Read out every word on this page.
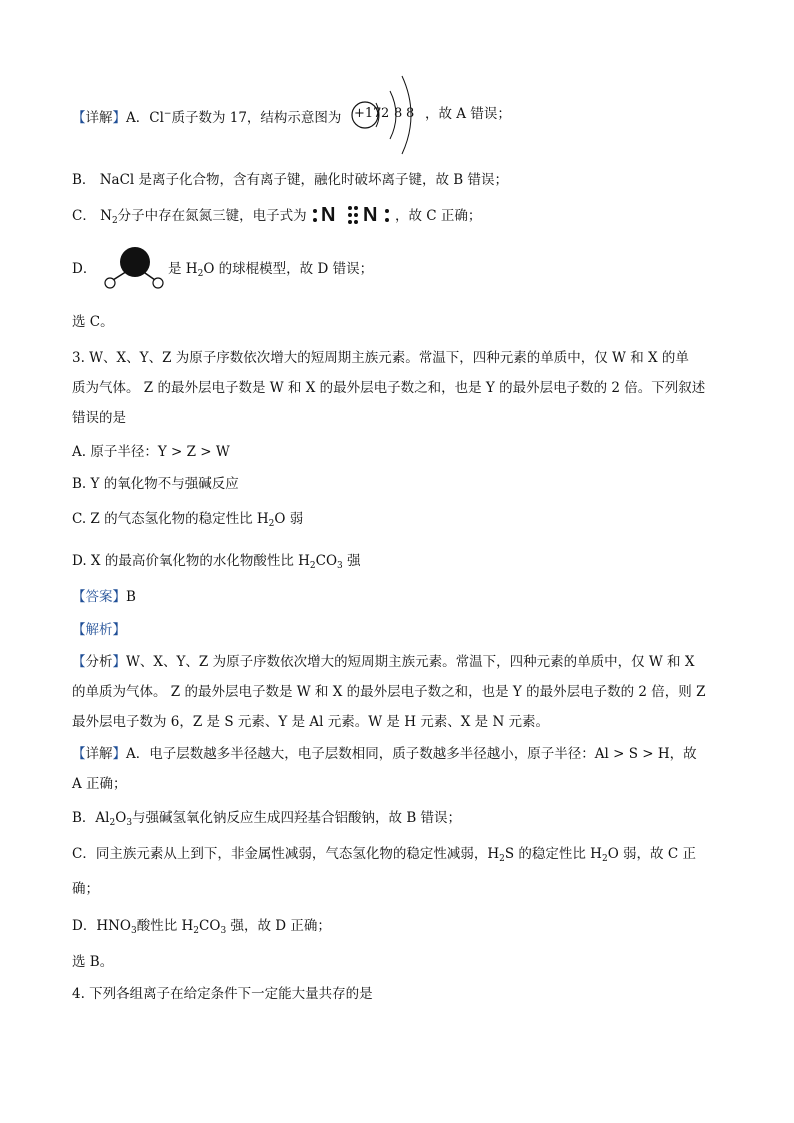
【详解】A．Cl−质子数为 17，结构示意图为 +17 2 8 8 ，故 A 错误；
B． NaCl 是离子化合物，含有离子键，融化时破坏离子键，故 B 错误；
C． $N_2$分子中存在氮氮三键，电子式为 N N ，故 C 正确；
D．	是 $H_2O$ 的球棍模型，故 D 错误；
选 C。
3. W、X、Y、Z 为原子序数依次增大的短周期主族元素。常温下，四种元素的单质中，仅 W 和 X 的单
质为气体。 Z 的最外层电子数是 W 和 X 的最外层电子数之和，也是 Y 的最外层电子数的 2 倍。下列叙述
错误的是
A. 原子半径：Y > Z > W
B. Y 的氧化物不与强碱反应
C. Z 的气态氢化物的稳定性比 $H_2O$ 弱
D. X 的最高价氧化物的水化物酸性比 $H_2CO_3$ 强
【答案】B
【解析】
【分析】W、X、Y、Z 为原子序数依次增大的短周期主族元素。常温下，四种元素的单质中，仅 W 和 X
的单质为气体。 Z 的最外层电子数是 W 和 X 的最外层电子数之和，也是 Y 的最外层电子数的 2 倍，则 Z
最外层电子数为 6，Z 是 S 元素、Y 是 Al 元素。W 是 H 元素、X 是 N 元素。
【详解】A．电子层数越多半径越大，电子层数相同，质子数越多半径越小，原子半径：Al > S > H，故
A 正确；
B．$Al_2O_3$与强碱氢氧化钠反应生成四羟基合铝酸钠，故 B 错误；
C．同主族元素从上到下，非金属性减弱，气态氢化物的稳定性减弱，$H_2S$ 的稳定性比 $H_2O$ 弱，故 C 正
确；
D．$HNO_3$酸性比 $H_2CO_3$ 强，故 D 正确；
选 B。
4. 下列各组离子在给定条件下一定能大量共存的是
